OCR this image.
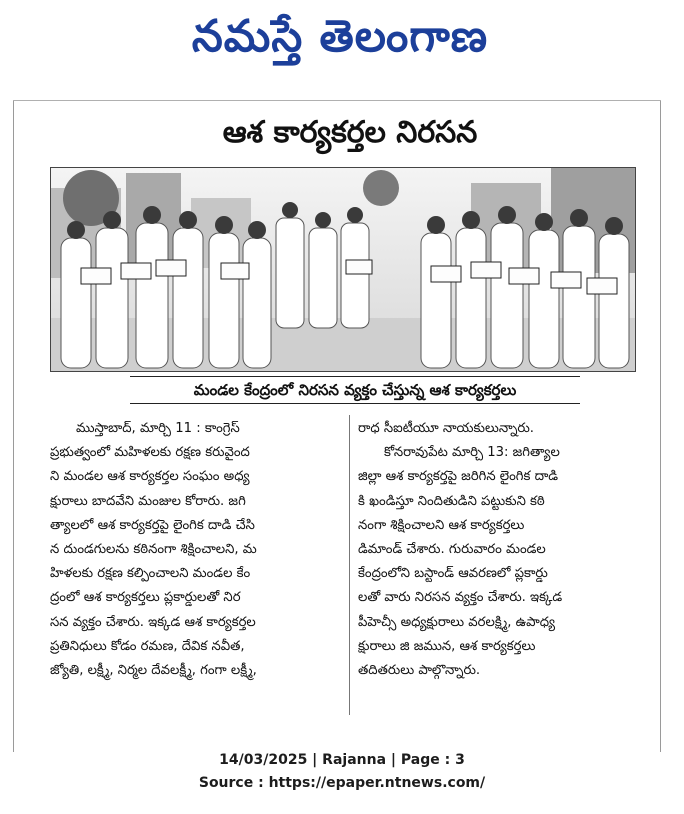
నమస్తే తెలంగాణ
ఆశ కార్యకర్తల నిరసన
మండల కేంద్రంలో నిరసన వ్యక్తం చేస్తున్న ఆశ కార్యకర్తలు
ముస్తాబాద్, మార్చి 11 : కాంగ్రెస్
ప్రభుత్వంలో మహిళలకు రక్షణ కరువైంద
ని మండల ఆశ కార్యకర్తల సంఘం అధ్య
క్షురాలు బాదవేని మంజుల కోరారు. జగి
త్యాలలో ఆశ కార్యకర్తపై లైంగిక దాడి చేసి
న దుండగులను కఠినంగా శిక్షించాలని, మ
హిళలకు రక్షణ కల్పించాలని మండల కేం
ద్రంలో ఆశ కార్యకర్తలు ప్లకార్డులతో నిర
సన వ్యక్తం చేశారు. ఇక్కడ ఆశ కార్యకర్తల
ప్రతినిధులు కోడం రమణ, దేవిక నవీత,
జ్యోతి, లక్ష్మీ, నిర్మల దేవలక్ష్మీ, గంగా లక్ష్మీ,
రాధ సీఐటీయూ నాయకులున్నారు.
కోనరావుపేట మార్చి 13: జగిత్యాల
జిల్లా ఆశ కార్యకర్తపై జరిగిన లైంగిక దాడి
కి ఖండిస్తూ నిందితుడిని పట్టుకుని కఠి
నంగా శిక్షించాలని ఆశ కార్యకర్తలు
డిమాండ్ చేశారు. గురువారం మండల
కేంద్రంలోని బస్టాండ్ ఆవరణలో ప్లకార్డు
లతో వారు నిరసన వ్యక్తం చేశారు. ఇక్కడ
పీహెచ్సీ అధ్యక్షురాలు వరలక్ష్మి, ఉపాధ్య
క్షురాలు జి జమున, ఆశ కార్యకర్తలు
తదితరులు పాల్గొన్నారు.
14/03/2025 | Rajanna | Page : 3
Source : https://epaper.ntnews.com/
